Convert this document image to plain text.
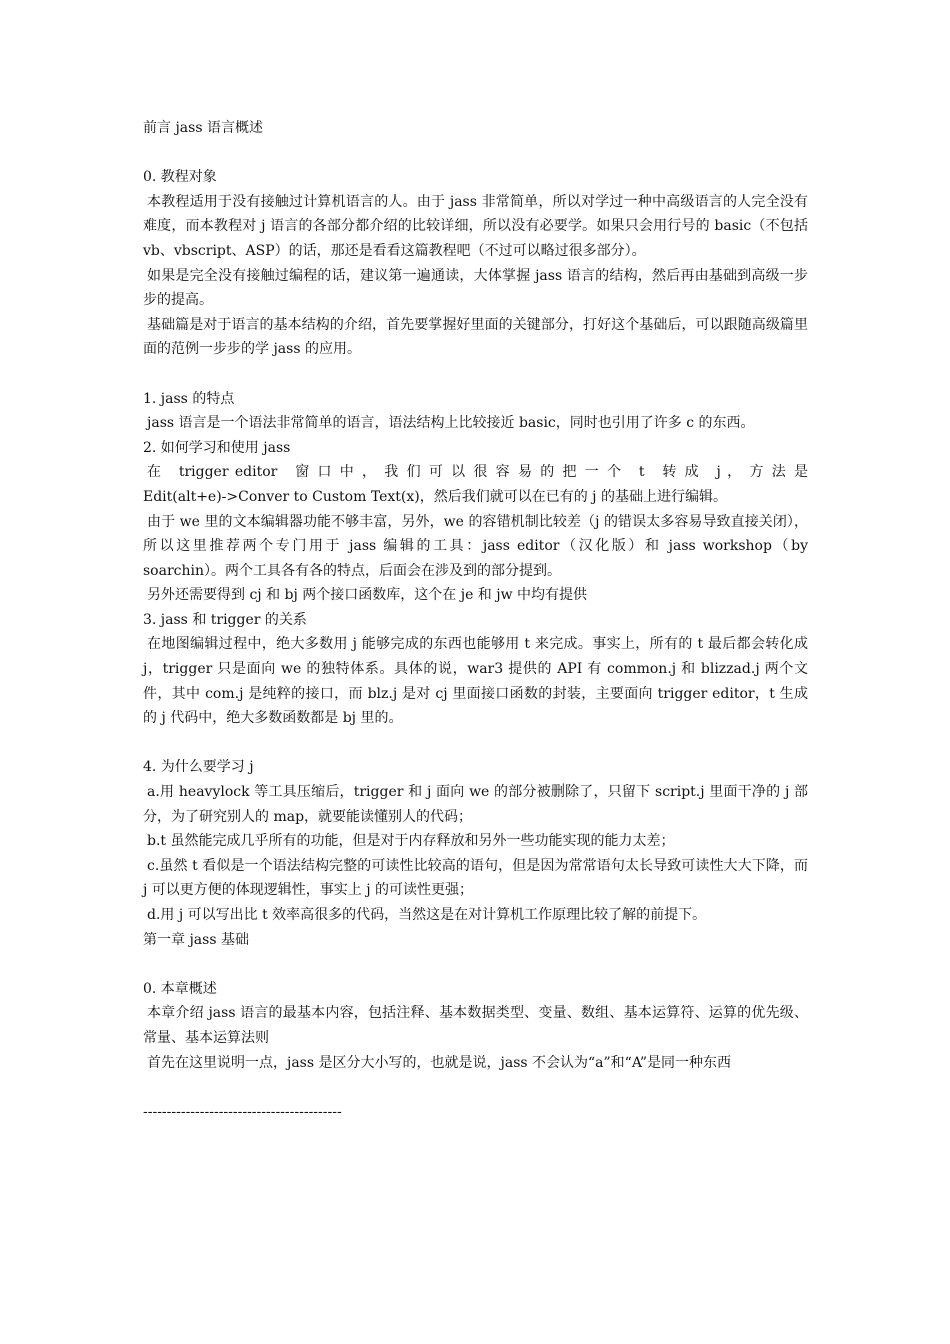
前言 jass 语言概述

0. 教程对象

本教程适用于没有接触过计算机语言的人。由于 jass 非常简单，所以对学过一种中高级语言的人完全没有难度，而本教程对 j 语言的各部分都介绍的比较详细，所以没有必要学。如果只会用行号的 basic（不包括 vb、vbscript、ASP）的话，那还是看看这篇教程吧（不过可以略过很多部分）。

如果是完全没有接触过编程的话，建议第一遍通读，大体掌握 jass 语言的结构，然后再由基础到高级一步步的提高。

基础篇是对于语言的基本结构的介绍，首先要掌握好里面的关键部分，打好这个基础后，可以跟随高级篇里面的范例一步步的学 jass 的应用。

1. jass 的特点

jass 语言是一个语法非常简单的语言，语法结构上比较接近 basic，同时也引用了许多 c 的东西。

2. 如何学习和使用 jass

在　trigger editor　窗 口 中 ， 我 们 可 以 很 容 易 的 把 一 个　t　转 成　j ， 方 法 是

Edit(alt+e)->Conver to Custom Text(x)，然后我们就可以在已有的 j 的基础上进行编辑。

由于 we 里的文本编辑器功能不够丰富，另外，we 的容错机制比较差（j 的错误太多容易导致直接关闭），所以这里推荐两个专门用于 jass 编辑的工具：jass editor（汉化版）和 jass workshop（by soarchin）。两个工具各有各的特点，后面会在涉及到的部分提到。

另外还需要得到 cj 和 bj 两个接口函数库，这个在 je 和 jw 中均有提供

3. jass 和 trigger 的关系

在地图编辑过程中，绝大多数用 j 能够完成的东西也能够用 t 来完成。事实上，所有的 t 最后都会转化成 j，trigger 只是面向 we 的独特体系。具体的说，war3 提供的 API 有 common.j 和 blizzad.j 两个文件，其中 com.j 是纯粹的接口，而 blz.j 是对 cj 里面接口函数的封装，主要面向 trigger editor，t 生成的 j 代码中，绝大多数函数都是 bj 里的。

4. 为什么要学习 j

a.用 heavylock 等工具压缩后，trigger 和 j 面向 we 的部分被删除了，只留下 script.j 里面干净的 j 部分，为了研究别人的 map，就要能读懂别人的代码；

b.t 虽然能完成几乎所有的功能，但是对于内存释放和另外一些功能实现的能力太差；

c.虽然 t 看似是一个语法结构完整的可读性比较高的语句，但是因为常常语句太长导致可读性大大下降，而 j 可以更方便的体现逻辑性，事实上 j 的可读性更强；

d.用 j 可以写出比 t 效率高很多的代码，当然这是在对计算机工作原理比较了解的前提下。

第一章 jass 基础

0. 本章概述

本章介绍 jass 语言的最基本内容，包括注释、基本数据类型、变量、数组、基本运算符、运算的优先级、常量、基本运算法则

首先在这里说明一点，jass 是区分大小写的，也就是说，jass 不会认为“a”和“A”是同一种东西

------------------------------------------
